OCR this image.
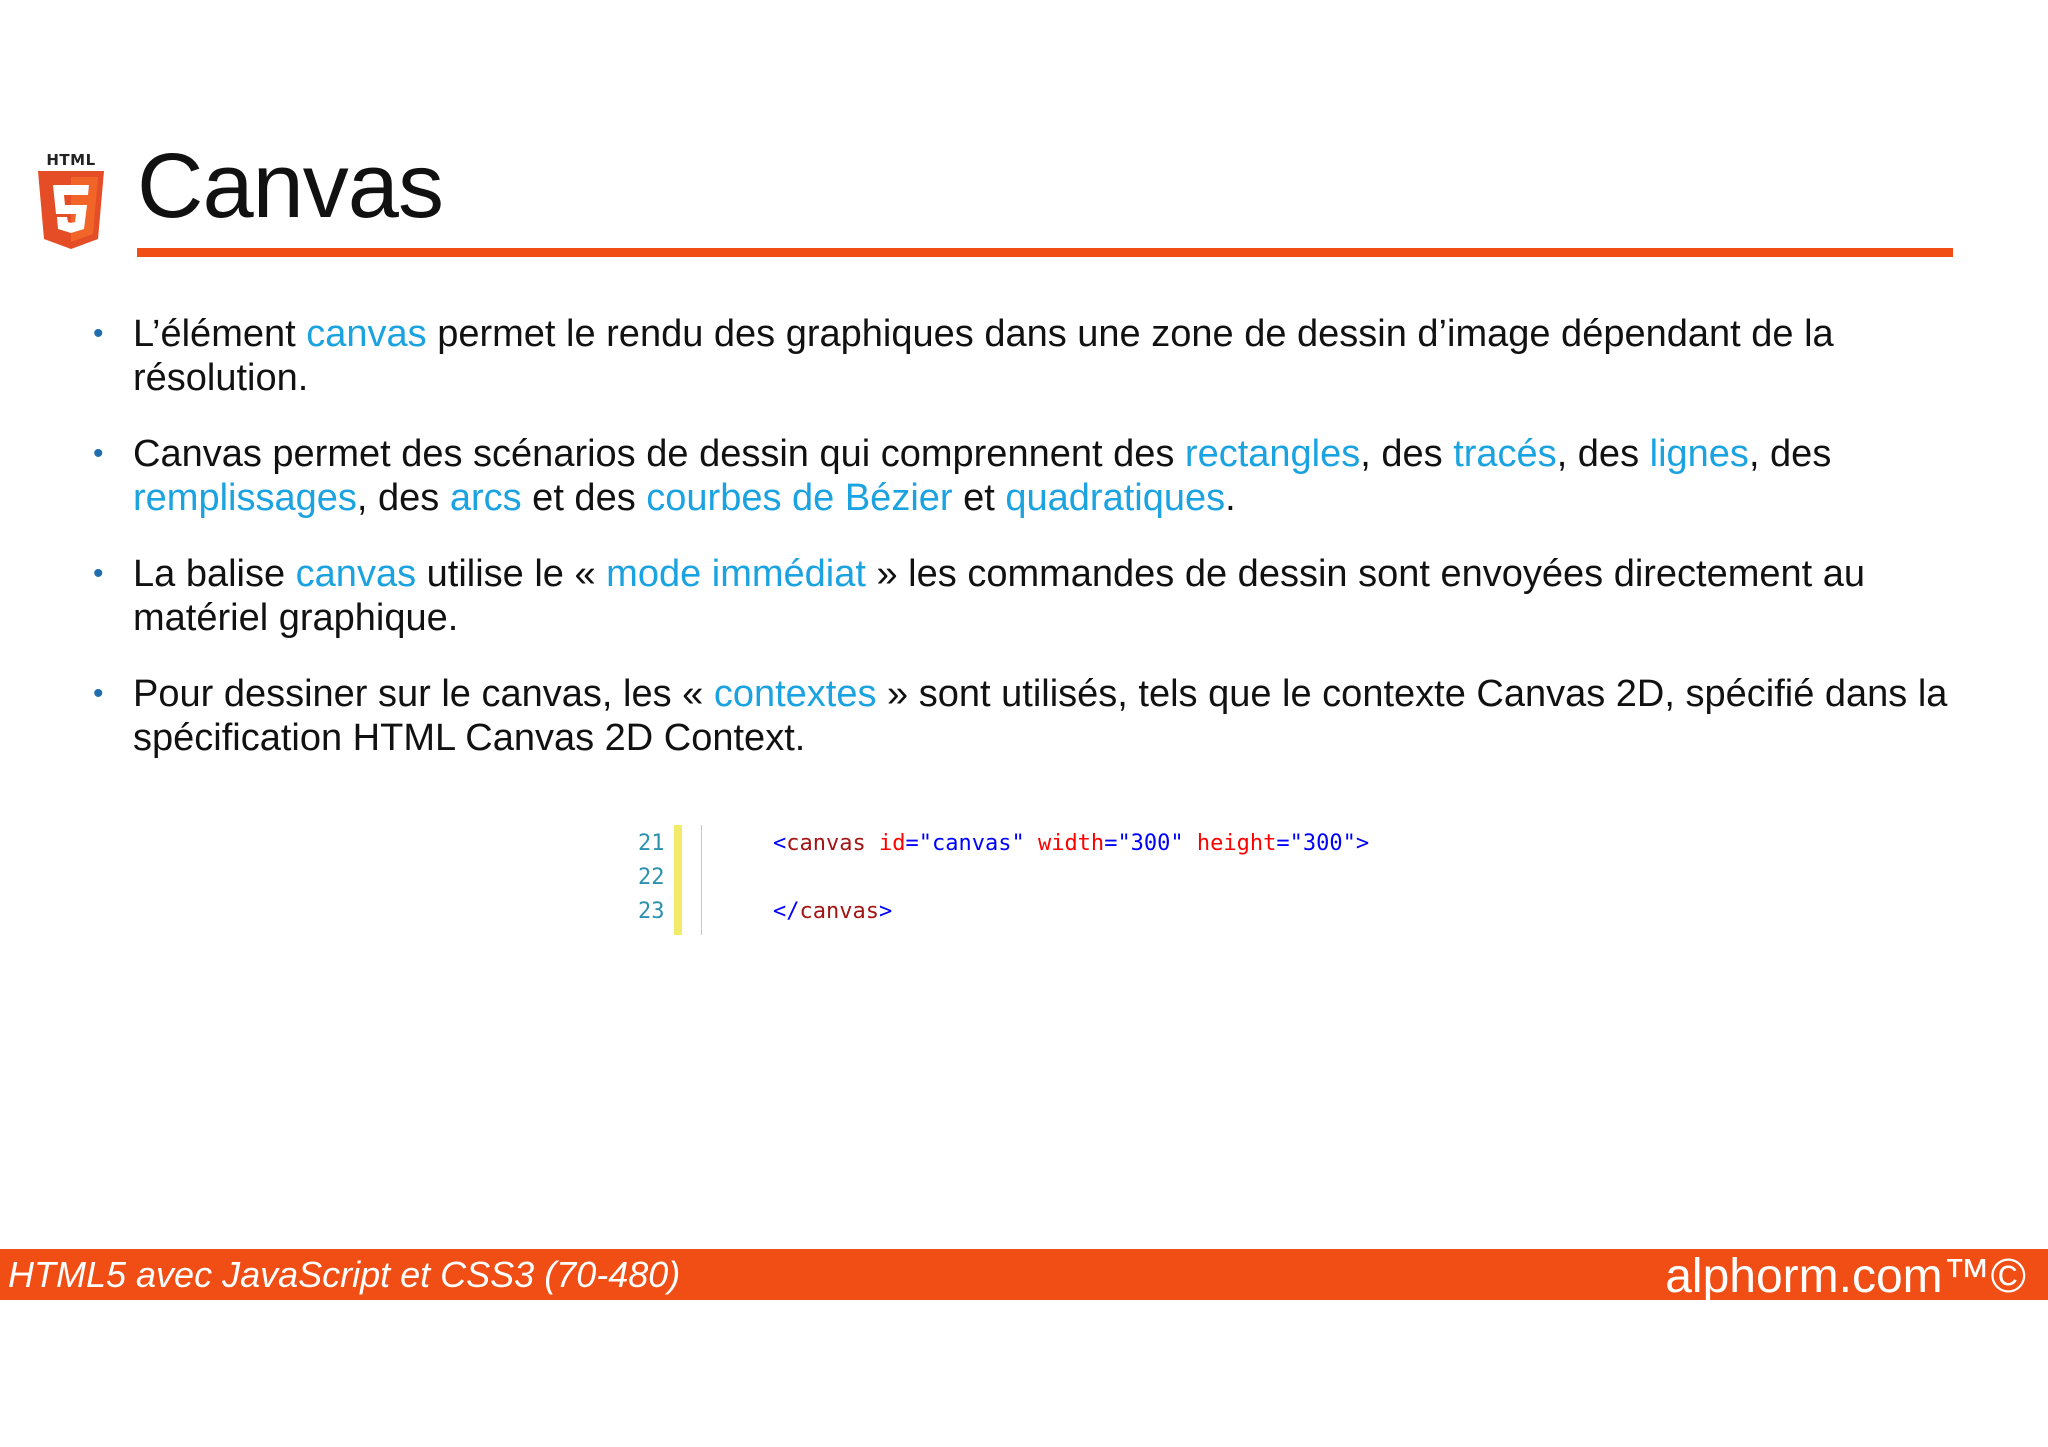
HTML Canvas
• L’élément canvas permet le rendu des graphiques dans une zone de dessin d’image dépendant de la résolution.
• Canvas permet des scénarios de dessin qui comprennent des rectangles, des tracés, des lignes, des remplissages, des arcs et des courbes de Bézier et quadratiques.
• La balise canvas utilise le « mode immédiat » les commandes de dessin sont envoyées directement au matériel graphique.
• Pour dessiner sur le canvas, les « contextes » sont utilisés, tels que le contexte Canvas 2D, spécifié dans la spécification HTML Canvas 2D Context.
21
22
23
<canvas id="canvas" width="300" height="300">
</canvas>
HTML5 avec JavaScript et CSS3 (70-480)	alphorm.com™©
